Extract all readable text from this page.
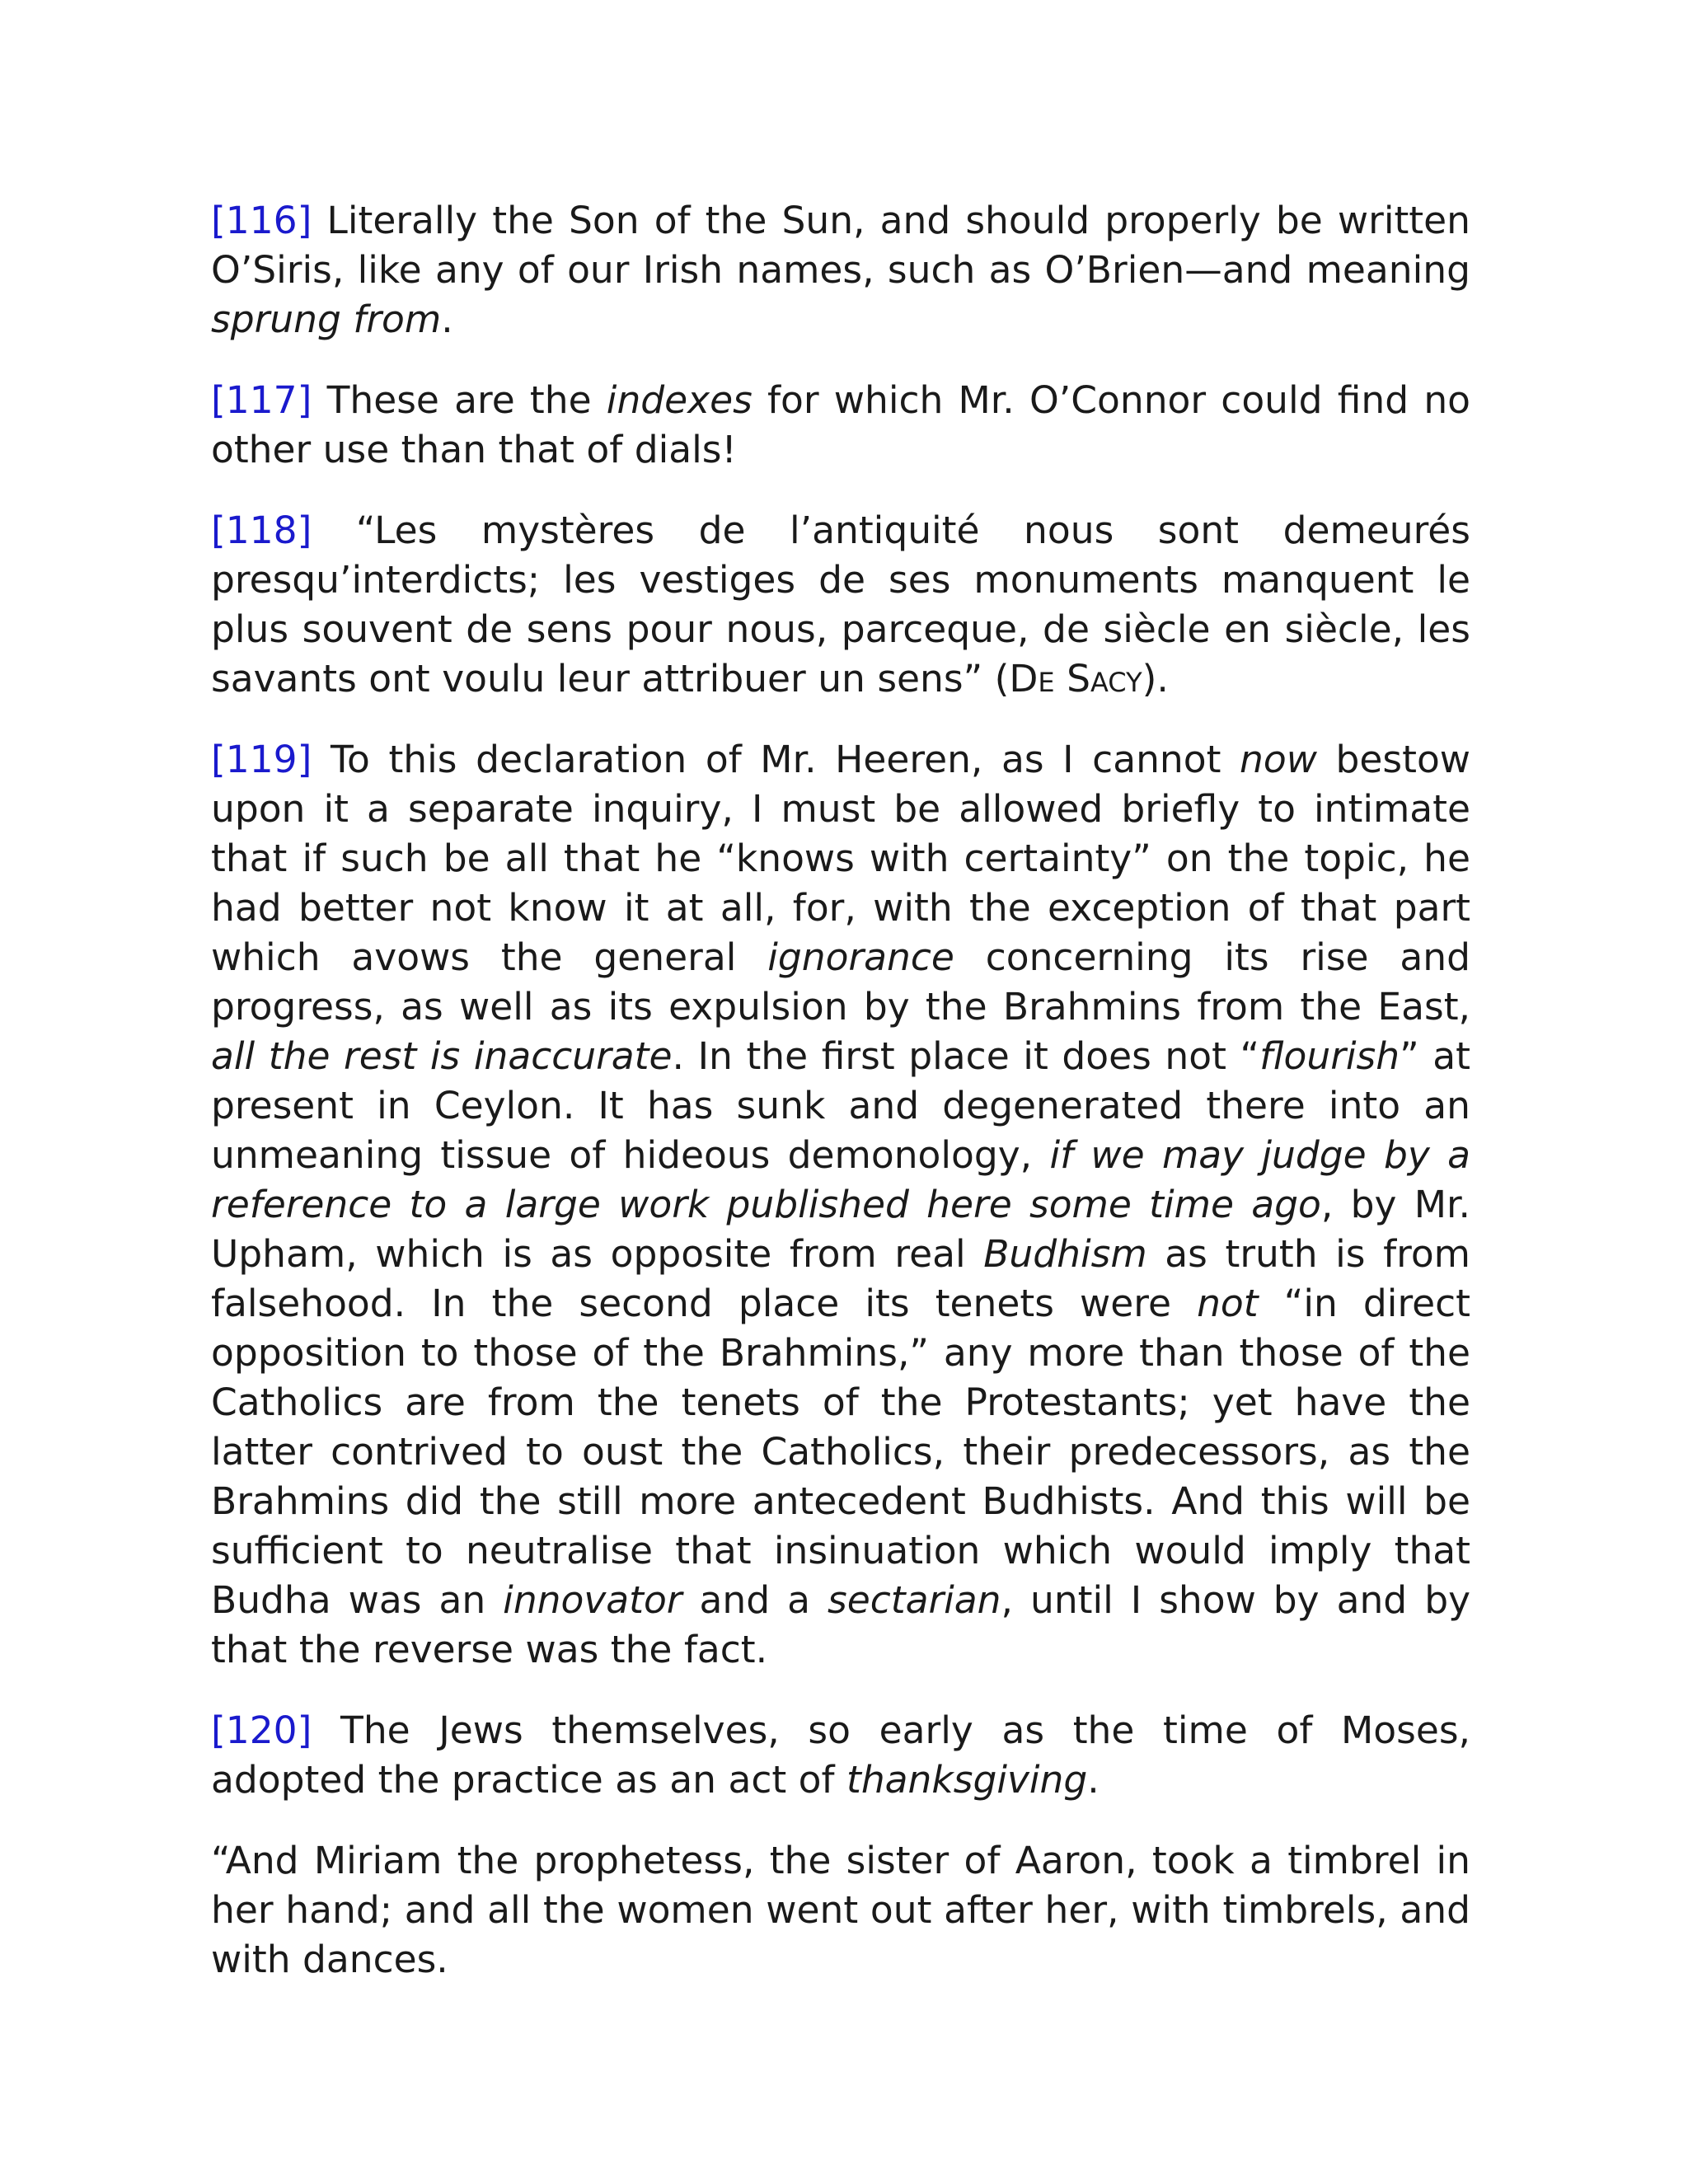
[116] Literally the Son of the Sun, and should properly be written O’Siris, like any of our Irish names, such as O’Brien—and meaning sprung from.

[117] These are the indexes for which Mr. O’Connor could find no other use than that of dials!

[118] “Les mystères de l’antiquité nous sont demeurés presqu’interdicts; les vestiges de ses monuments manquent le plus souvent de sens pour nous, parceque, de siècle en siècle, les savants ont voulu leur attribuer un sens” (De Sacy).

[119] To this declaration of Mr. Heeren, as I cannot now bestow upon it a separate inquiry, I must be allowed briefly to intimate that if such be all that he “knows with certainty” on the topic, he had better not know it at all, for, with the exception of that part which avows the general ignorance concerning its rise and progress, as well as its expulsion by the Brahmins from the East, all the rest is inaccurate. In the first place it does not “flourish” at present in Ceylon. It has sunk and degenerated there into an unmeaning tissue of hideous demonology, if we may judge by a reference to a large work published here some time ago, by Mr. Upham, which is as opposite from real Budhism as truth is from falsehood. In the second place its tenets were not “in direct opposition to those of the Brahmins,” any more than those of the Catholics are from the tenets of the Protestants; yet have the latter contrived to oust the Catholics, their predecessors, as the Brahmins did the still more antecedent Budhists. And this will be sufficient to neutralise that insinuation which would imply that Budha was an innovator and a sectarian, until I show by and by that the reverse was the fact.

[120] The Jews themselves, so early as the time of Moses, adopted the practice as an act of thanksgiving.

“And Miriam the prophetess, the sister of Aaron, took a timbrel in her hand; and all the women went out after her, with timbrels, and with dances.
